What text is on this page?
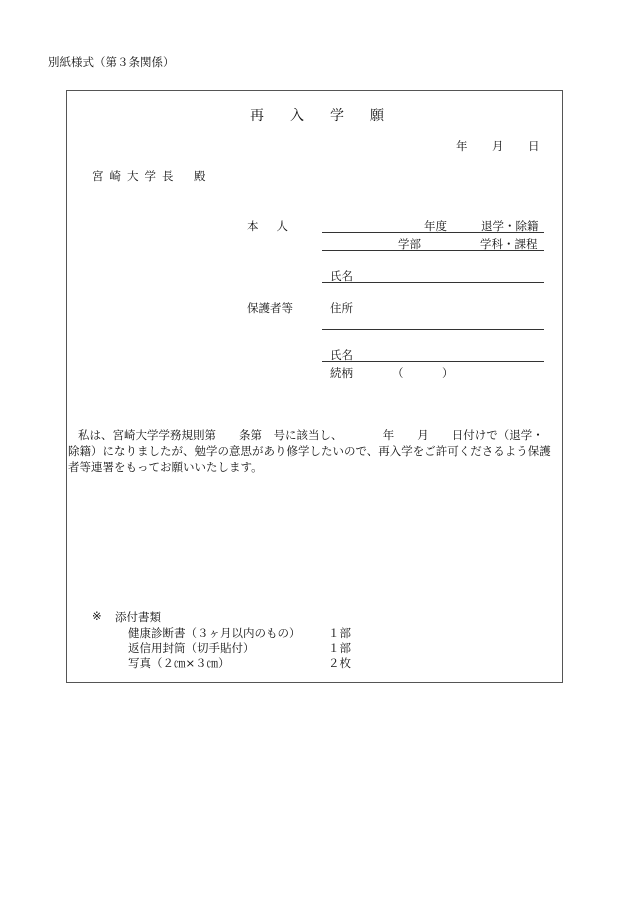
別紙様式（第３条関係）
再入学願
年 月 日
宮崎大学長 殿
本人	年度	退学・除籍
学部	学科・課程
氏名
保護者等	住所
氏名
続柄	（	）
私は、宮崎大学学務規則第　　条第　号に該当し、　　　　年　　月　　日付けで（退学・
除籍）になりましたが、勉学の意思があり修学したいので、再入学をご許可くださるよう保護
者等連署をもってお願いいたします。
※ 添付書類
健康診断書（３ヶ月以内のもの） １部
返信用封筒（切手貼付）	１部
写真（２㎝×３㎝）	２枚
